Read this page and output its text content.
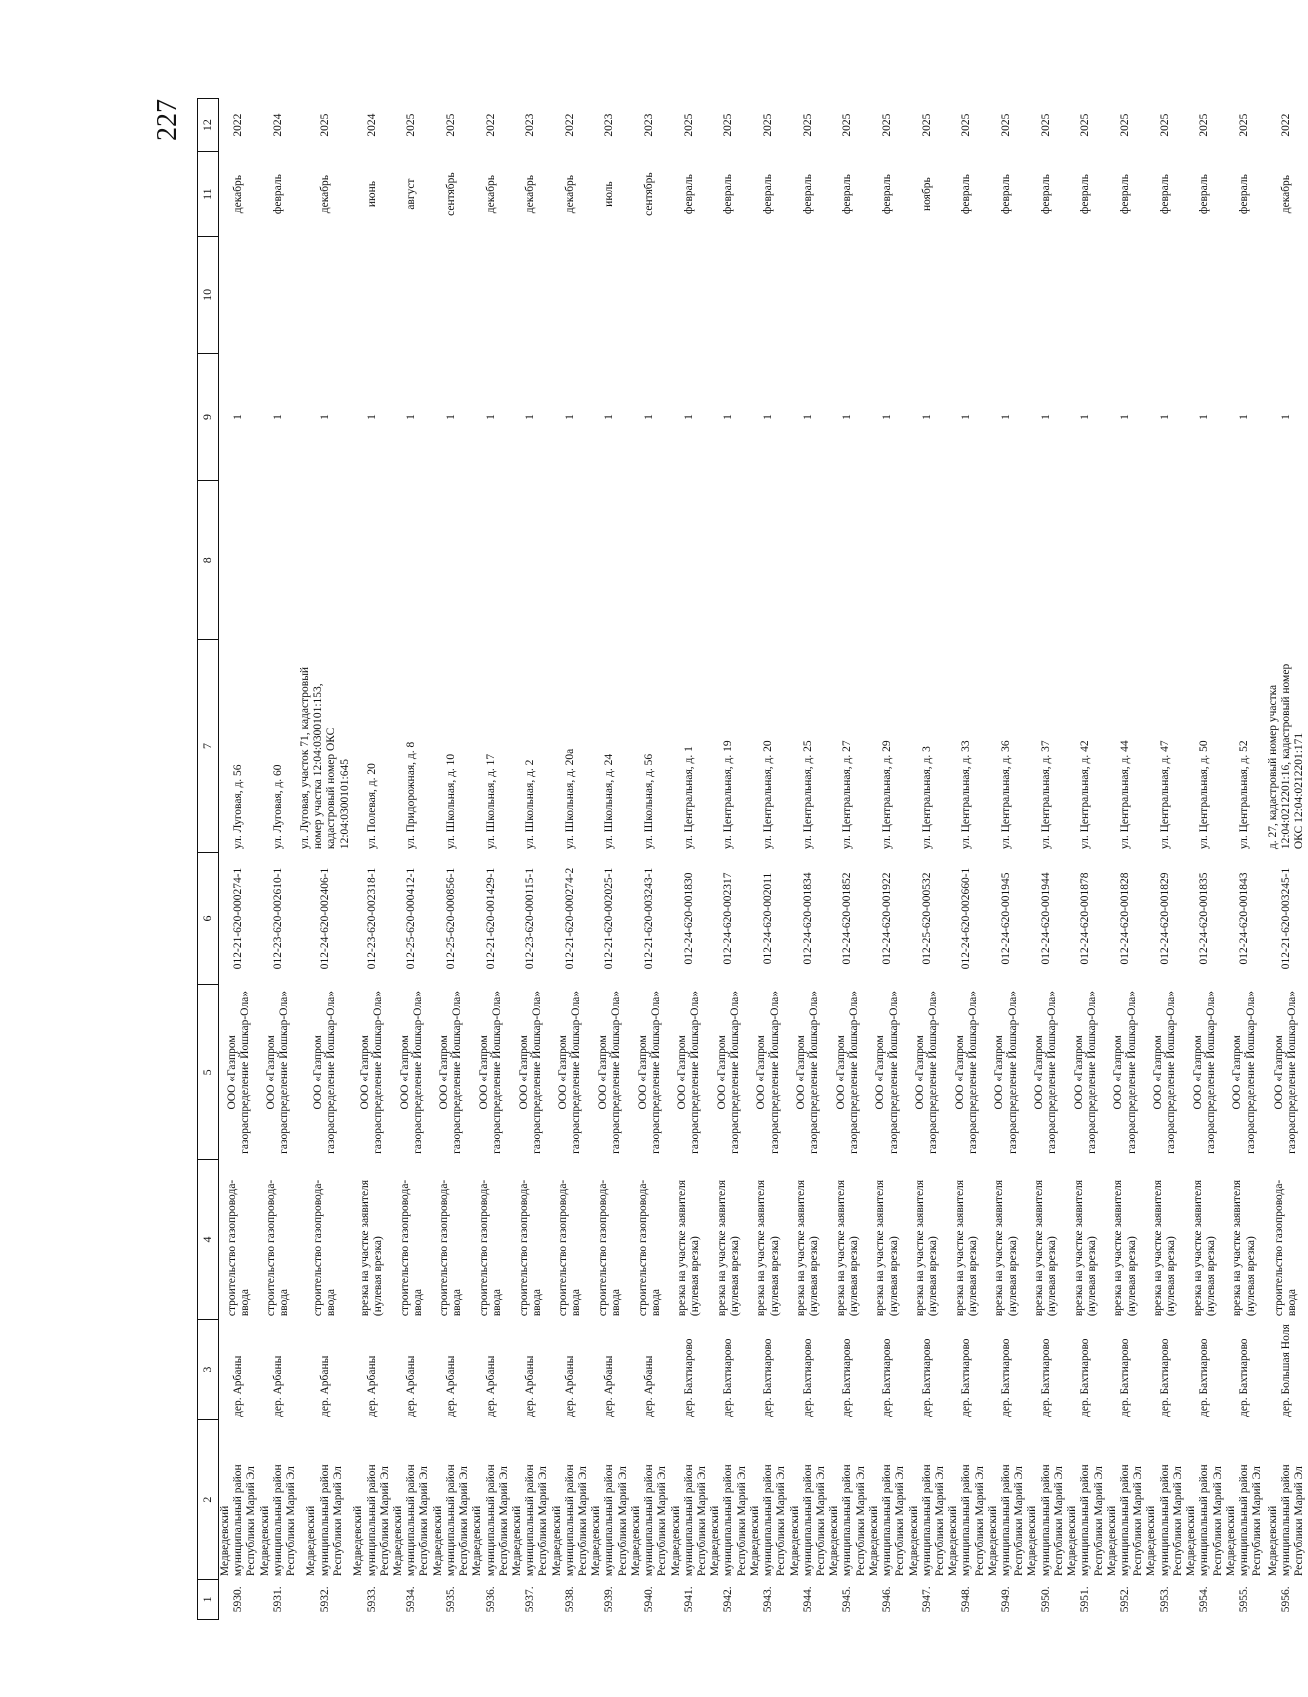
227
1	2	3	4	5	6	7	8	9	10	11	12
5930.	Медведевский муниципальный район Республики Марий Эл	дер. Арбаны	строительство газопровода-ввода	ООО «Газпром газораспределение Йошкар-Ола»	012-21-620-000274-1	ул. Луговая, д. 56		1		декабрь	2022
5931.	Медведевский муниципальный район Республики Марий Эл	дер. Арбаны	строительство газопровода-ввода	ООО «Газпром газораспределение Йошкар-Ола»	012-23-620-002610-1	ул. Луговая, д. 60		1		февраль	2024
5932.	Медведевский муниципальный район Республики Марий Эл	дер. Арбаны	строительство газопровода-ввода	ООО «Газпром газораспределение Йошкар-Ола»	012-24-620-002406-1	ул. Луговая, участок 71, кадастровый номер участка 12:04:0300101:153, кадастровый номер ОКС 12:04:0300101:645		1		декабрь	2025
5933.	Медведевский муниципальный район Республики Марий Эл	дер. Арбаны	врезка на участке заявителя (нулевая врезка)	ООО «Газпром газораспределение Йошкар-Ола»	012-23-620-002318-1	ул. Полевая, д. 20		1		июнь	2024
5934.	Медведевский муниципальный район Республики Марий Эл	дер. Арбаны	строительство газопровода-ввода	ООО «Газпром газораспределение Йошкар-Ола»	012-25-620-000412-1	ул. Придорожная, д. 8		1		август	2025
5935.	Медведевский муниципальный район Республики Марий Эл	дер. Арбаны	строительство газопровода-ввода	ООО «Газпром газораспределение Йошкар-Ола»	012-25-620-000856-1	ул. Школьная, д. 10		1		сентябрь	2025
5936.	Медведевский муниципальный район Республики Марий Эл	дер. Арбаны	строительство газопровода-ввода	ООО «Газпром газораспределение Йошкар-Ола»	012-21-620-001429-1	ул. Школьная, д. 17		1		декабрь	2022
5937.	Медведевский муниципальный район Республики Марий Эл	дер. Арбаны	строительство газопровода-ввода	ООО «Газпром газораспределение Йошкар-Ола»	012-23-620-000115-1	ул. Школьная, д. 2		1		декабрь	2023
5938.	Медведевский муниципальный район Республики Марий Эл	дер. Арбаны	строительство газопровода-ввода	ООО «Газпром газораспределение Йошкар-Ола»	012-21-620-000274-2	ул. Школьная, д. 20а		1		декабрь	2022
5939.	Медведевский муниципальный район Республики Марий Эл	дер. Арбаны	строительство газопровода-ввода	ООО «Газпром газораспределение Йошкар-Ола»	012-21-620-002025-1	ул. Школьная, д. 24		1		июль	2023
5940.	Медведевский муниципальный район Республики Марий Эл	дер. Арбаны	строительство газопровода-ввода	ООО «Газпром газораспределение Йошкар-Ола»	012-21-620-003243-1	ул. Школьная, д. 56		1		сентябрь	2023
5941.	Медведевский муниципальный район Республики Марий Эл	дер. Бахтиарово	врезка на участке заявителя (нулевая врезка)	ООО «Газпром газораспределение Йошкар-Ола»	012-24-620-001830	ул. Центральная, д. 1		1		февраль	2025
5942.	Медведевский муниципальный район Республики Марий Эл	дер. Бахтиарово	врезка на участке заявителя (нулевая врезка)	ООО «Газпром газораспределение Йошкар-Ола»	012-24-620-002317	ул. Центральная, д. 19		1		февраль	2025
5943.	Медведевский муниципальный район Республики Марий Эл	дер. Бахтиарово	врезка на участке заявителя (нулевая врезка)	ООО «Газпром газораспределение Йошкар-Ола»	012-24-620-002011	ул. Центральная, д. 20		1		февраль	2025
5944.	Медведевский муниципальный район Республики Марий Эл	дер. Бахтиарово	врезка на участке заявителя (нулевая врезка)	ООО «Газпром газораспределение Йошкар-Ола»	012-24-620-001834	ул. Центральная, д. 25		1		февраль	2025
5945.	Медведевский муниципальный район Республики Марий Эл	дер. Бахтиарово	врезка на участке заявителя (нулевая врезка)	ООО «Газпром газораспределение Йошкар-Ола»	012-24-620-001852	ул. Центральная, д. 27		1		февраль	2025
5946.	Медведевский муниципальный район Республики Марий Эл	дер. Бахтиарово	врезка на участке заявителя (нулевая врезка)	ООО «Газпром газораспределение Йошкар-Ола»	012-24-620-001922	ул. Центральная, д. 29		1		февраль	2025
5947.	Медведевский муниципальный район Республики Марий Эл	дер. Бахтиарово	врезка на участке заявителя (нулевая врезка)	ООО «Газпром газораспределение Йошкар-Ола»	012-25-620-000532	ул. Центральная, д. 3		1		ноябрь	2025
5948.	Медведевский муниципальный район Республики Марий Эл	дер. Бахтиарово	врезка на участке заявителя (нулевая врезка)	ООО «Газпром газораспределение Йошкар-Ола»	012-24-620-002660-1	ул. Центральная, д. 33		1		февраль	2025
5949.	Медведевский муниципальный район Республики Марий Эл	дер. Бахтиарово	врезка на участке заявителя (нулевая врезка)	ООО «Газпром газораспределение Йошкар-Ола»	012-24-620-001945	ул. Центральная, д. 36		1		февраль	2025
5950.	Медведевский муниципальный район Республики Марий Эл	дер. Бахтиарово	врезка на участке заявителя (нулевая врезка)	ООО «Газпром газораспределение Йошкар-Ола»	012-24-620-001944	ул. Центральная, д. 37		1		февраль	2025
5951.	Медведевский муниципальный район Республики Марий Эл	дер. Бахтиарово	врезка на участке заявителя (нулевая врезка)	ООО «Газпром газораспределение Йошкар-Ола»	012-24-620-001878	ул. Центральная, д. 42		1		февраль	2025
5952.	Медведевский муниципальный район Республики Марий Эл	дер. Бахтиарово	врезка на участке заявителя (нулевая врезка)	ООО «Газпром газораспределение Йошкар-Ола»	012-24-620-001828	ул. Центральная, д. 44		1		февраль	2025
5953.	Медведевский муниципальный район Республики Марий Эл	дер. Бахтиарово	врезка на участке заявителя (нулевая врезка)	ООО «Газпром газораспределение Йошкар-Ола»	012-24-620-001829	ул. Центральная, д. 47		1		февраль	2025
5954.	Медведевский муниципальный район Республики Марий Эл	дер. Бахтиарово	врезка на участке заявителя (нулевая врезка)	ООО «Газпром газораспределение Йошкар-Ола»	012-24-620-001835	ул. Центральная, д. 50		1		февраль	2025
5955.	Медведевский муниципальный район Республики Марий Эл	дер. Бахтиарово	врезка на участке заявителя (нулевая врезка)	ООО «Газпром газораспределение Йошкар-Ола»	012-24-620-001843	ул. Центральная, д. 52		1		февраль	2025
5956.	Медведевский муниципальный район Республики Марий Эл	дер. Большая Ноля	строительство газопровода-ввода	ООО «Газпром газораспределение Йошкар-Ола»	012-21-620-003245-1	д. 27, кадастровый номер участка 12:04:0212201:16, кадастровый номер ОКС 12:04:0212201:171		1		декабрь	2022
